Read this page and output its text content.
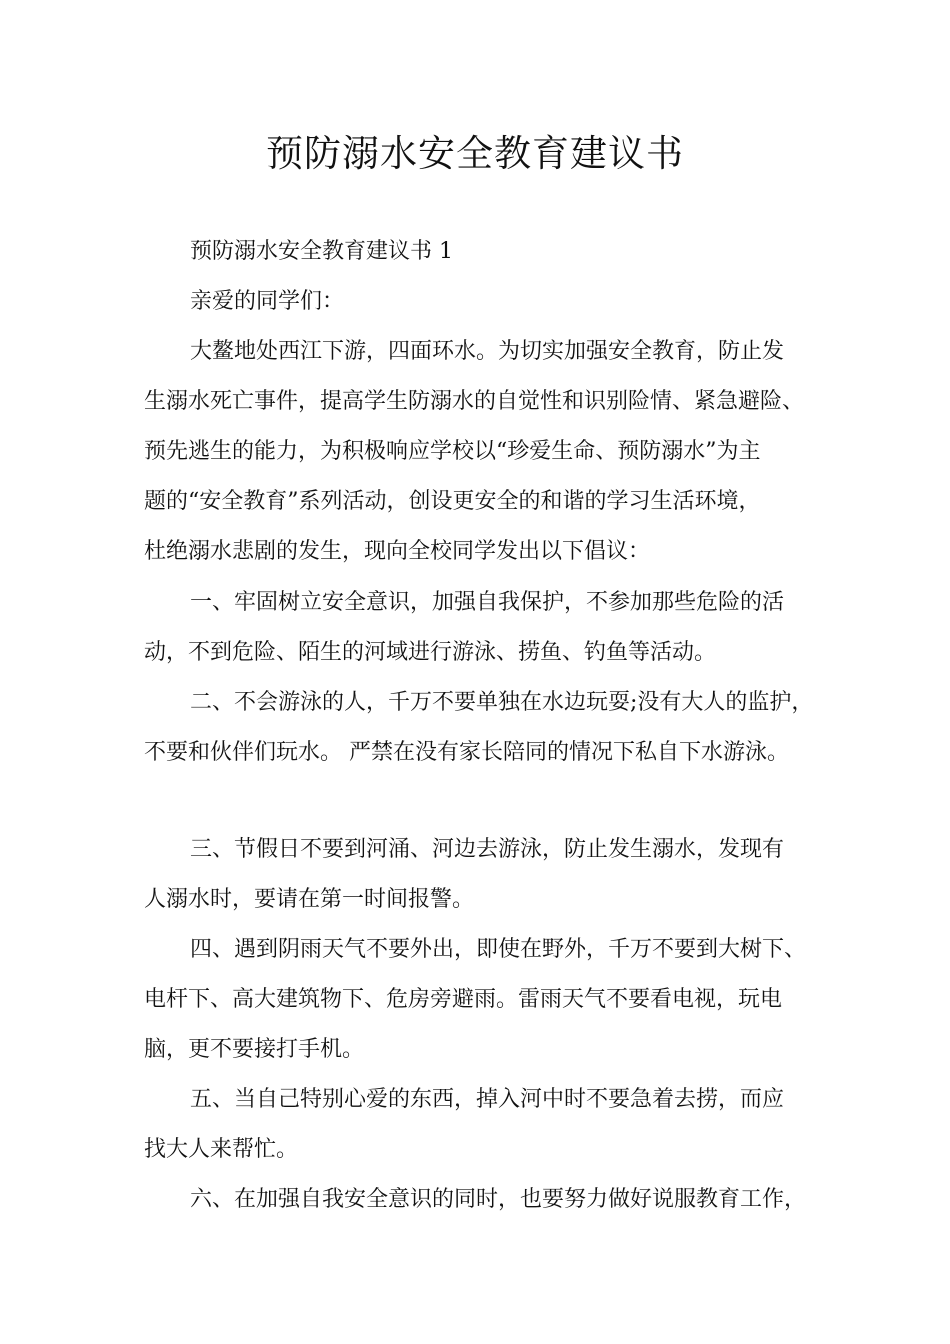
预防溺水安全教育建议书
预防溺水安全教育建议书 1
亲爱的同学们：
大鳌地处西江下游，四面环水。为切实加强安全教育，防止发
生溺水死亡事件，提高学生防溺水的自觉性和识别险情、紧急避险、
预先逃生的能力，为积极响应学校以“珍爱生命、预防溺水”为主
题的“安全教育”系列活动，创设更安全的和谐的学习生活环境，
杜绝溺水悲剧的发生，现向全校同学发出以下倡议：
一、牢固树立安全意识，加强自我保护，不参加那些危险的活
动，不到危险、陌生的河域进行游泳、捞鱼、钓鱼等活动。
二、不会游泳的人，千万不要单独在水边玩耍;没有大人的监护，
不要和伙伴们玩水。 严禁在没有家长陪同的情况下私自下水游泳。
三、节假日不要到河涌、河边去游泳，防止发生溺水，发现有
人溺水时，要请在第一时间报警。
四、遇到阴雨天气不要外出，即使在野外，千万不要到大树下、
电杆下、高大建筑物下、危房旁避雨。雷雨天气不要看电视，玩电
脑，更不要接打手机。
五、当自己特别心爱的东西，掉入河中时不要急着去捞，而应
找大人来帮忙。
六、在加强自我安全意识的同时，也要努力做好说服教育工作，
